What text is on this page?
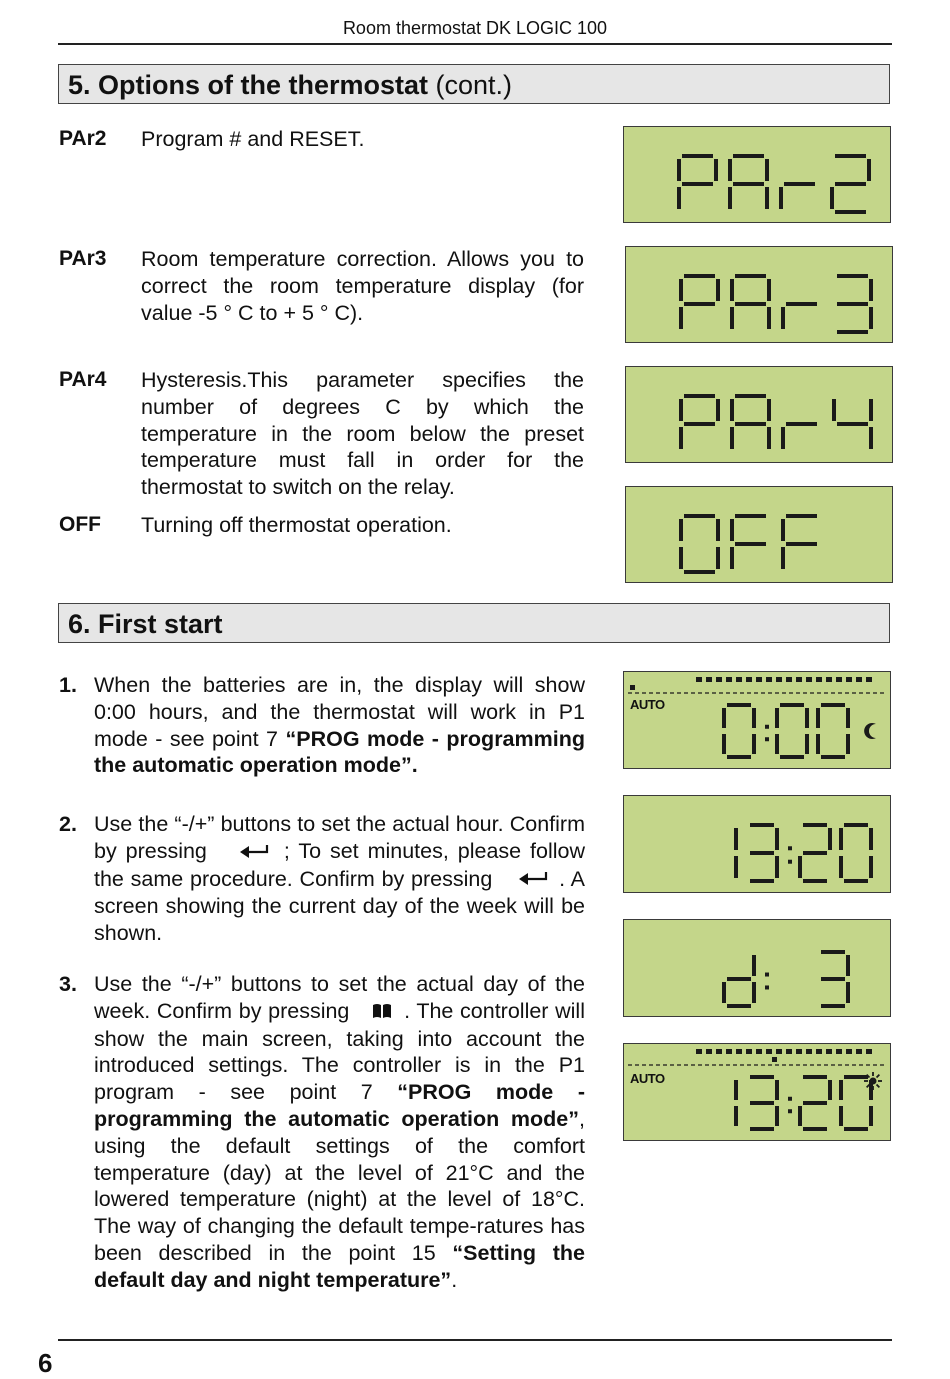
Room thermostat DK LOGIC 100
5. Options of the thermostat (cont.)
PAr2 Program # and RESET.
PAr3 Room temperature correction. Allows you to correct the room temperature display (for value -5 ° C to + 5 ° C).
PAr4 Hysteresis.This parameter specifies the number of degrees C by which the temperature in the room below the preset temperature must fall in order for the thermostat to switch on the relay.
OFF Turning off thermostat operation.
6. First start
1. When the batteries are in, the display will show 0:00 hours, and the thermostat will work in P1 mode - see point 7 “PROG mode - programming the automatic operation mode”.
2. Use the “-/+” buttons to set the actual hour. Confirm by pressing	; To set minutes, please follow the same procedure. Confirm by pressing	. A screen showing the current day of the week will be shown.
3. Use the “-/+” buttons to set the actual day of the week. Confirm by pressing	. The controller will show the main screen, taking into account the introduced settings. The controller is in the P1 program - see point 7 “PROG mode - programming the automatic operation mode”, using the default settings of the comfort temperature (day) at the level of 21°C and the lowered temperature (night) at the level of 18°C. The way of changing the default tempe-ratures has been described in the point 15 “Setting the default day and night temperature”.
AUTO
AUTO
6
